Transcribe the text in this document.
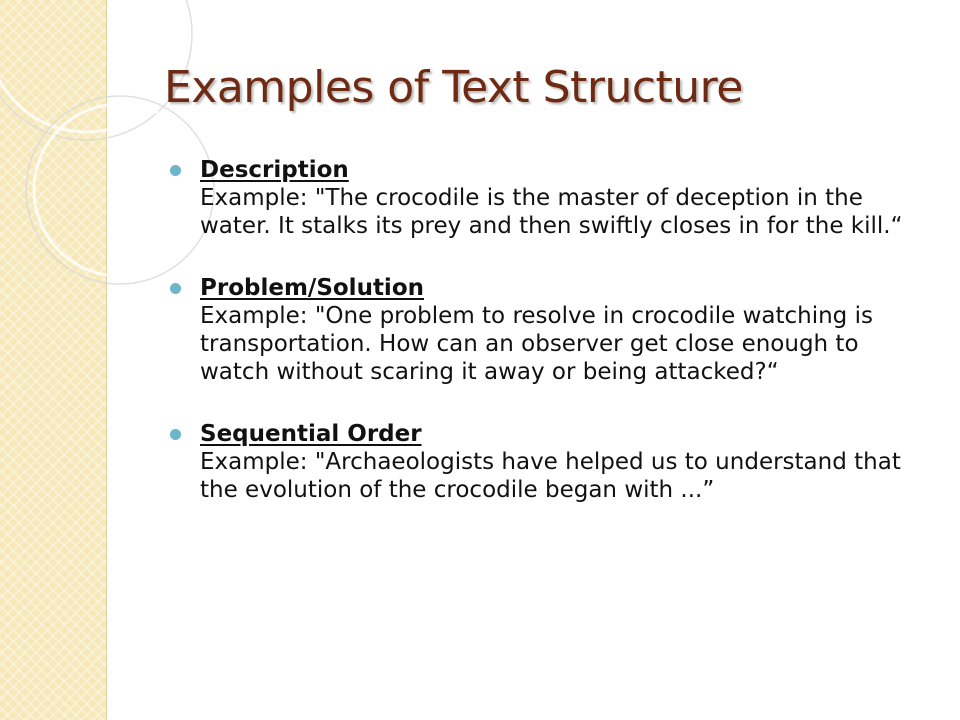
Examples of Text Structure
Description
Example: "The crocodile is the master of deception in the water. It stalks its prey and then swiftly closes in for the kill.“
Problem/Solution
Example: "One problem to resolve in crocodile watching is transportation. How can an observer get close enough to watch without scaring it away or being attacked?“
Sequential Order
Example: "Archaeologists have helped us to understand that the evolution of the crocodile began with ...”
